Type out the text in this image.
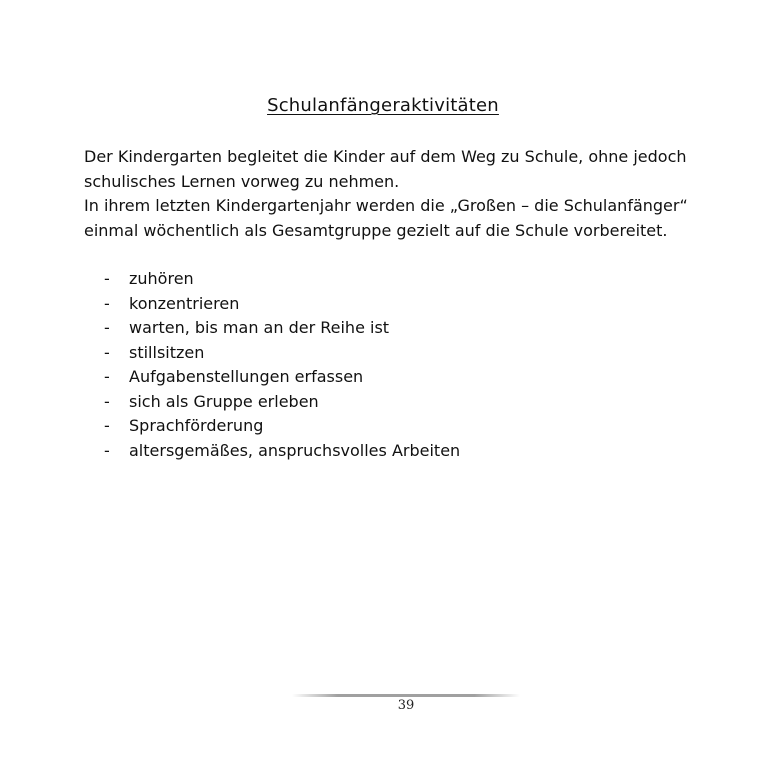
Schulanfängeraktivitäten

Der Kindergarten begleitet die Kinder auf dem Weg zu Schule, ohne jedoch schulisches Lernen vorweg zu nehmen.

In ihrem letzten Kindergartenjahr werden die „Großen – die Schulanfänger“ einmal wöchentlich als Gesamtgruppe gezielt auf die Schule vorbereitet.

- zuhören
- konzentrieren
- warten, bis man an der Reihe ist
- stillsitzen
- Aufgabenstellungen erfassen
- sich als Gruppe erleben
- Sprachförderung
- altersgemäßes, anspruchsvolles Arbeiten
39
